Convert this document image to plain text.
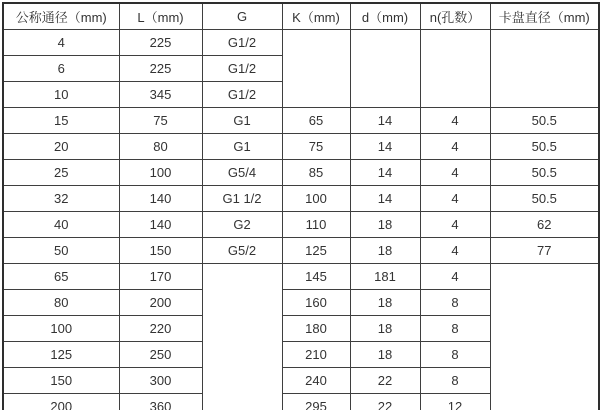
公称通径（mm)	L（mm)	G	K（mm)	d（mm)	n(孔数）	卡盘直径（mm)
4	225	G1/2				
6	225	G1/2				
10	345	G1/2				
15	75	G1	65	14	4	50.5
20	80	G1	75	14	4	50.5
25	100	G5/4	85	14	4	50.5
32	140	G1 1/2	100	14	4	50.5
40	140	G2	110	18	4	62
50	150	G5/2	125	18	4	77
65	170		145	181	4	
80	200		160	18	8	
100	220		180	18	8	
125	250		210	18	8	
150	300		240	22	8	
200	360		295	22	12	
